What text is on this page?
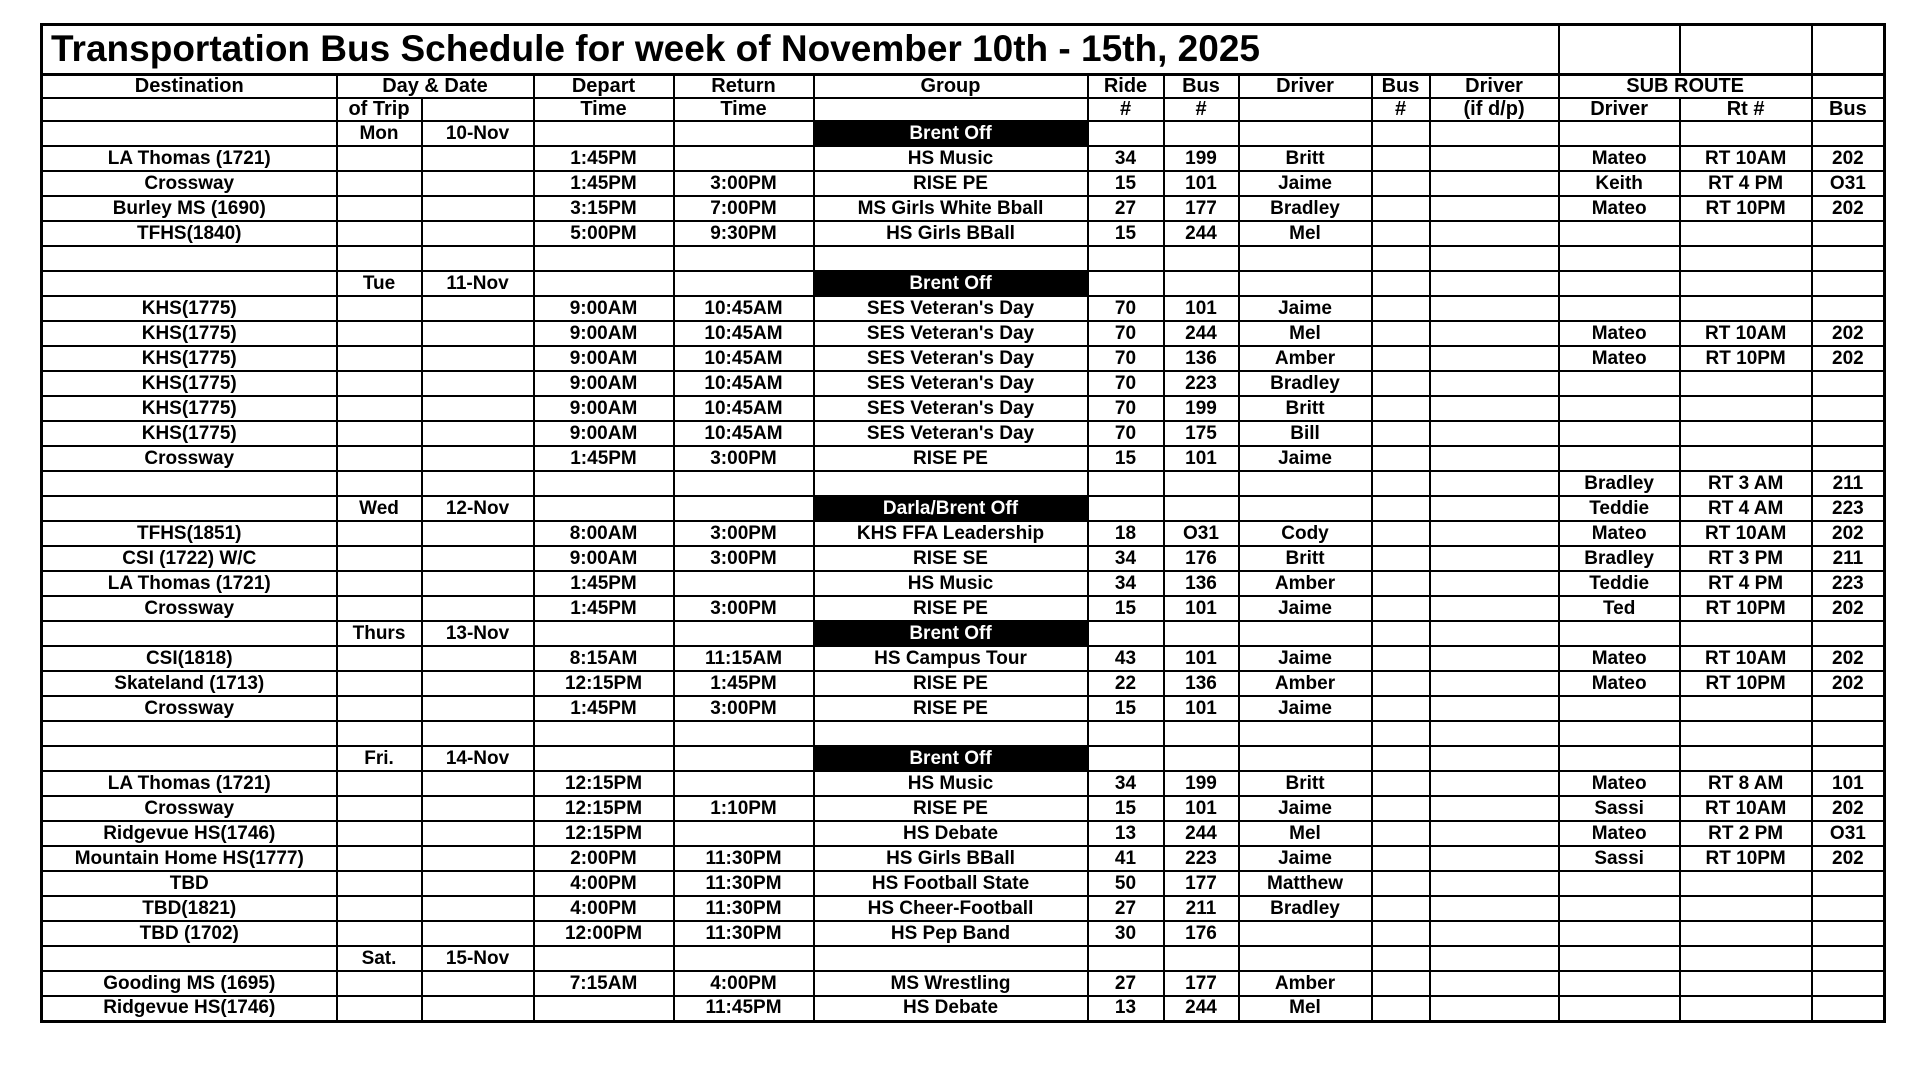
Transportation Bus Schedule for week of November 10th - 15th, 2025													
Destination	Day & Date		Depart	Return	Group	Ride	Bus	Driver	Bus	Driver	SUB ROUTE		
	of Trip		Time	Time		#	#		#	(if d/p)	Driver	Rt #	Bus
	Mon	10-Nov			Brent Off								
LA Thomas (1721)			1:45PM		HS Music	34	199	Britt			Mateo	RT 10AM	202
Crossway			1:45PM	3:00PM	RISE PE	15	101	Jaime			Keith	RT 4 PM	O31
Burley MS (1690)			3:15PM	7:00PM	MS Girls White Bball	27	177	Bradley			Mateo	RT 10PM	202
TFHS(1840)			5:00PM	9:30PM	HS Girls BBall	15	244	Mel					

	Tue	11-Nov			Brent Off								
KHS(1775)			9:00AM	10:45AM	SES Veteran's Day	70	101	Jaime					
KHS(1775)			9:00AM	10:45AM	SES Veteran's Day	70	244	Mel			Mateo	RT 10AM	202
KHS(1775)			9:00AM	10:45AM	SES Veteran's Day	70	136	Amber			Mateo	RT 10PM	202
KHS(1775)			9:00AM	10:45AM	SES Veteran's Day	70	223	Bradley					
KHS(1775)			9:00AM	10:45AM	SES Veteran's Day	70	199	Britt					
KHS(1775)			9:00AM	10:45AM	SES Veteran's Day	70	175	Bill					
Crossway			1:45PM	3:00PM	RISE PE	15	101	Jaime					
											Bradley	RT 3 AM	211
	Wed	12-Nov			Darla/Brent Off						Teddie	RT 4 AM	223
TFHS(1851)			8:00AM	3:00PM	KHS FFA Leadership	18	O31	Cody			Mateo	RT 10AM	202
CSI (1722) W/C			9:00AM	3:00PM	RISE SE	34	176	Britt			Bradley	RT 3 PM	211
LA Thomas (1721)			1:45PM		HS Music	34	136	Amber			Teddie	RT 4 PM	223
Crossway			1:45PM	3:00PM	RISE PE	15	101	Jaime			Ted	RT 10PM	202
	Thurs	13-Nov			Brent Off								
CSI(1818)			8:15AM	11:15AM	HS Campus Tour	43	101	Jaime			Mateo	RT 10AM	202
Skateland (1713)			12:15PM	1:45PM	RISE PE	22	136	Amber			Mateo	RT 10PM	202
Crossway			1:45PM	3:00PM	RISE PE	15	101	Jaime					

	Fri.	14-Nov			Brent Off								
LA Thomas (1721)			12:15PM		HS Music	34	199	Britt			Mateo	RT 8 AM	101
Crossway			12:15PM	1:10PM	RISE PE	15	101	Jaime			Sassi	RT 10AM	202
Ridgevue HS(1746)			12:15PM		HS Debate	13	244	Mel			Mateo	RT 2 PM	O31
Mountain Home HS(1777)			2:00PM	11:30PM	HS Girls BBall	41	223	Jaime			Sassi	RT 10PM	202
TBD			4:00PM	11:30PM	HS Football State	50	177	Matthew					
TBD(1821)			4:00PM	11:30PM	HS Cheer-Football	27	211	Bradley					
TBD (1702)			12:00PM	11:30PM	HS Pep Band	30	176						
	Sat.	15-Nov											
Gooding MS (1695)			7:15AM	4:00PM	MS Wrestling	27	177	Amber					
Ridgevue HS(1746)				11:45PM	HS Debate	13	244	Mel					
